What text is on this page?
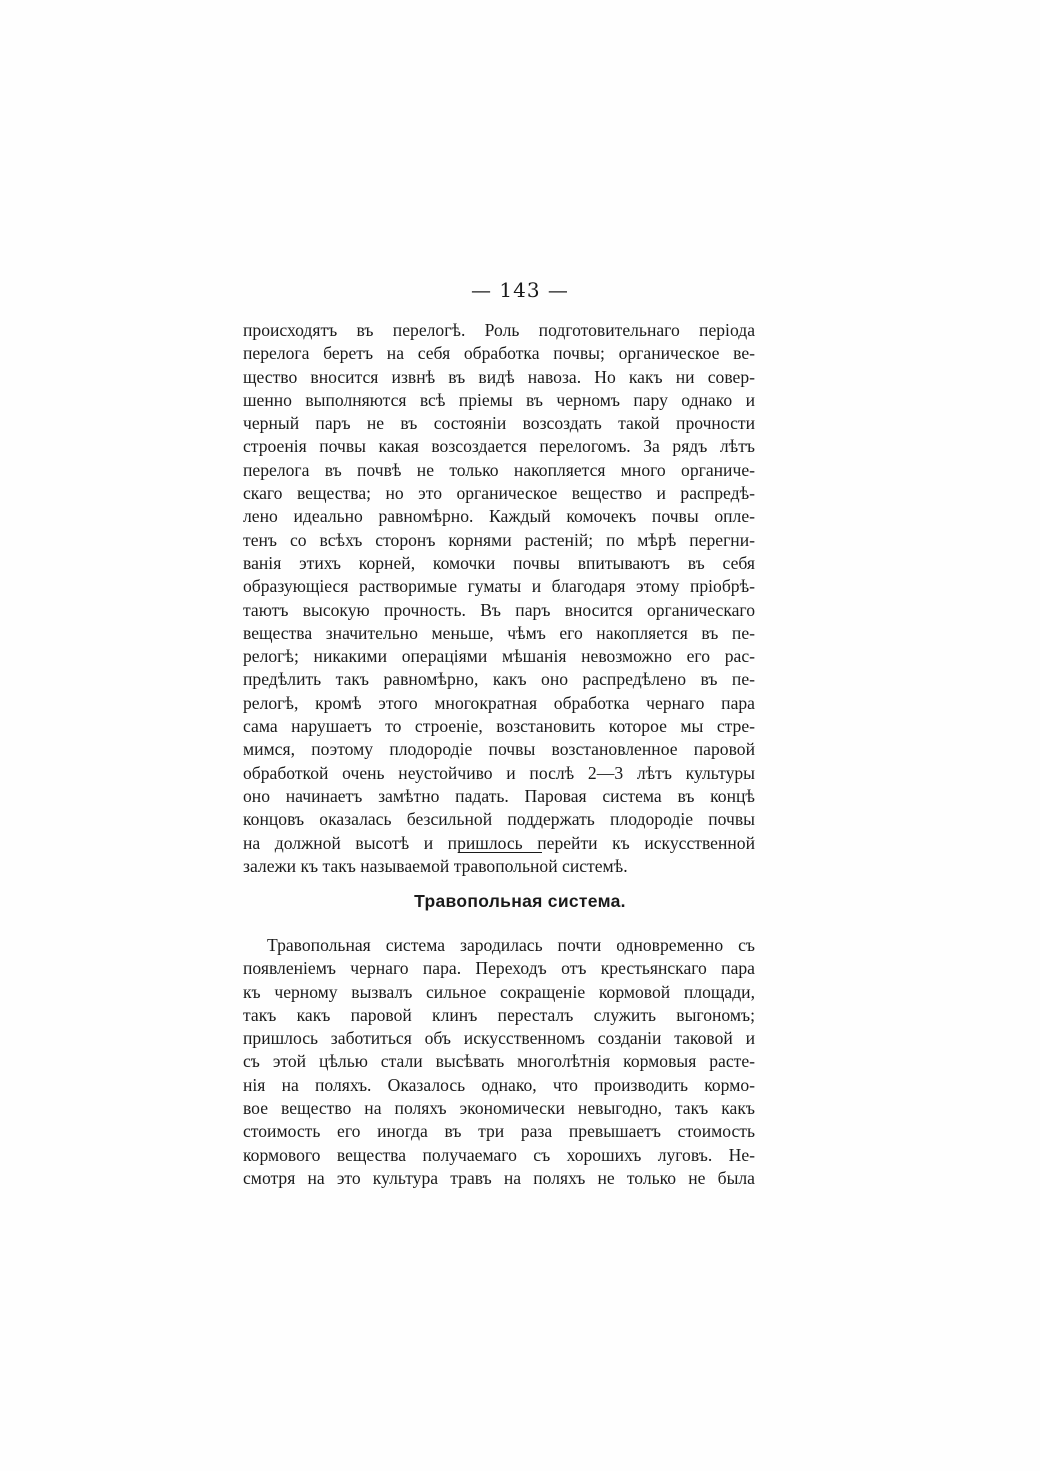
— 143 —
происходятъ въ перелогѣ. Роль подготовительнаго періода
перелога беретъ на себя обработка почвы; органическое ве-
щество вносится извнѣ въ видѣ навоза. Но какъ ни совер-
шенно выполняются всѣ пріемы въ черномъ пару однако и
черный паръ не въ состояніи возсоздать такой прочности
строенія почвы какая возсоздается перелогомъ. За рядъ лѣтъ
перелога въ почвѣ не только накопляется много органиче-
скаго вещества; но это органическое вещество и распредѣ-
лено идеально равномѣрно. Каждый комочекъ почвы опле-
тенъ со всѣхъ сторонъ корнями растеній; по мѣрѣ перегни-
ванія этихъ корней, комочки почвы впитываютъ въ себя
образующіеся растворимые гуматы и благодаря этому пріобрѣ-
таютъ высокую прочность. Въ паръ вносится органическаго
вещества значительно меньше, чѣмъ его накопляется въ пе-
релогѣ; никакими операціями мѣшанія невозможно его рас-
предѣлить такъ равномѣрно, какъ оно распредѣлено въ пе-
релогѣ, кромѣ этого многократная обработка чернаго пара
сама нарушаетъ то строеніе, возстановить которое мы стре-
мимся, поэтому плодородіе почвы возстановленное паровой
обработкой очень неустойчиво и послѣ 2—3 лѣтъ культуры
оно начинаетъ замѣтно падать. Паровая система въ концѣ
концовъ оказалась безсильной поддержать плодородіе почвы
на должной высотѣ и пришлось перейти къ искусственной
залежи къ такъ называемой травопольной системѣ.
Травопольная система.
Травопольная система зародилась почти одновременно съ
появленіемъ чернаго пара. Переходъ отъ крестьянскаго пара
къ черному вызвалъ сильное сокращеніе кормовой площади,
такъ какъ паровой клинъ пересталъ служить выгономъ;
пришлось заботиться объ искусственномъ созданіи таковой и
съ этой цѣлью стали высѣвать многолѣтнія кормовыя расте-
нія на поляхъ. Оказалось однако, что производить кормо-
вое вещество на поляхъ экономически невыгодно, такъ какъ
стоимость его иногда въ три раза превышаетъ стоимость
кормового вещества получаемаго съ хорошихъ луговъ. Не-
смотря на это культура травъ на поляхъ не только не была
